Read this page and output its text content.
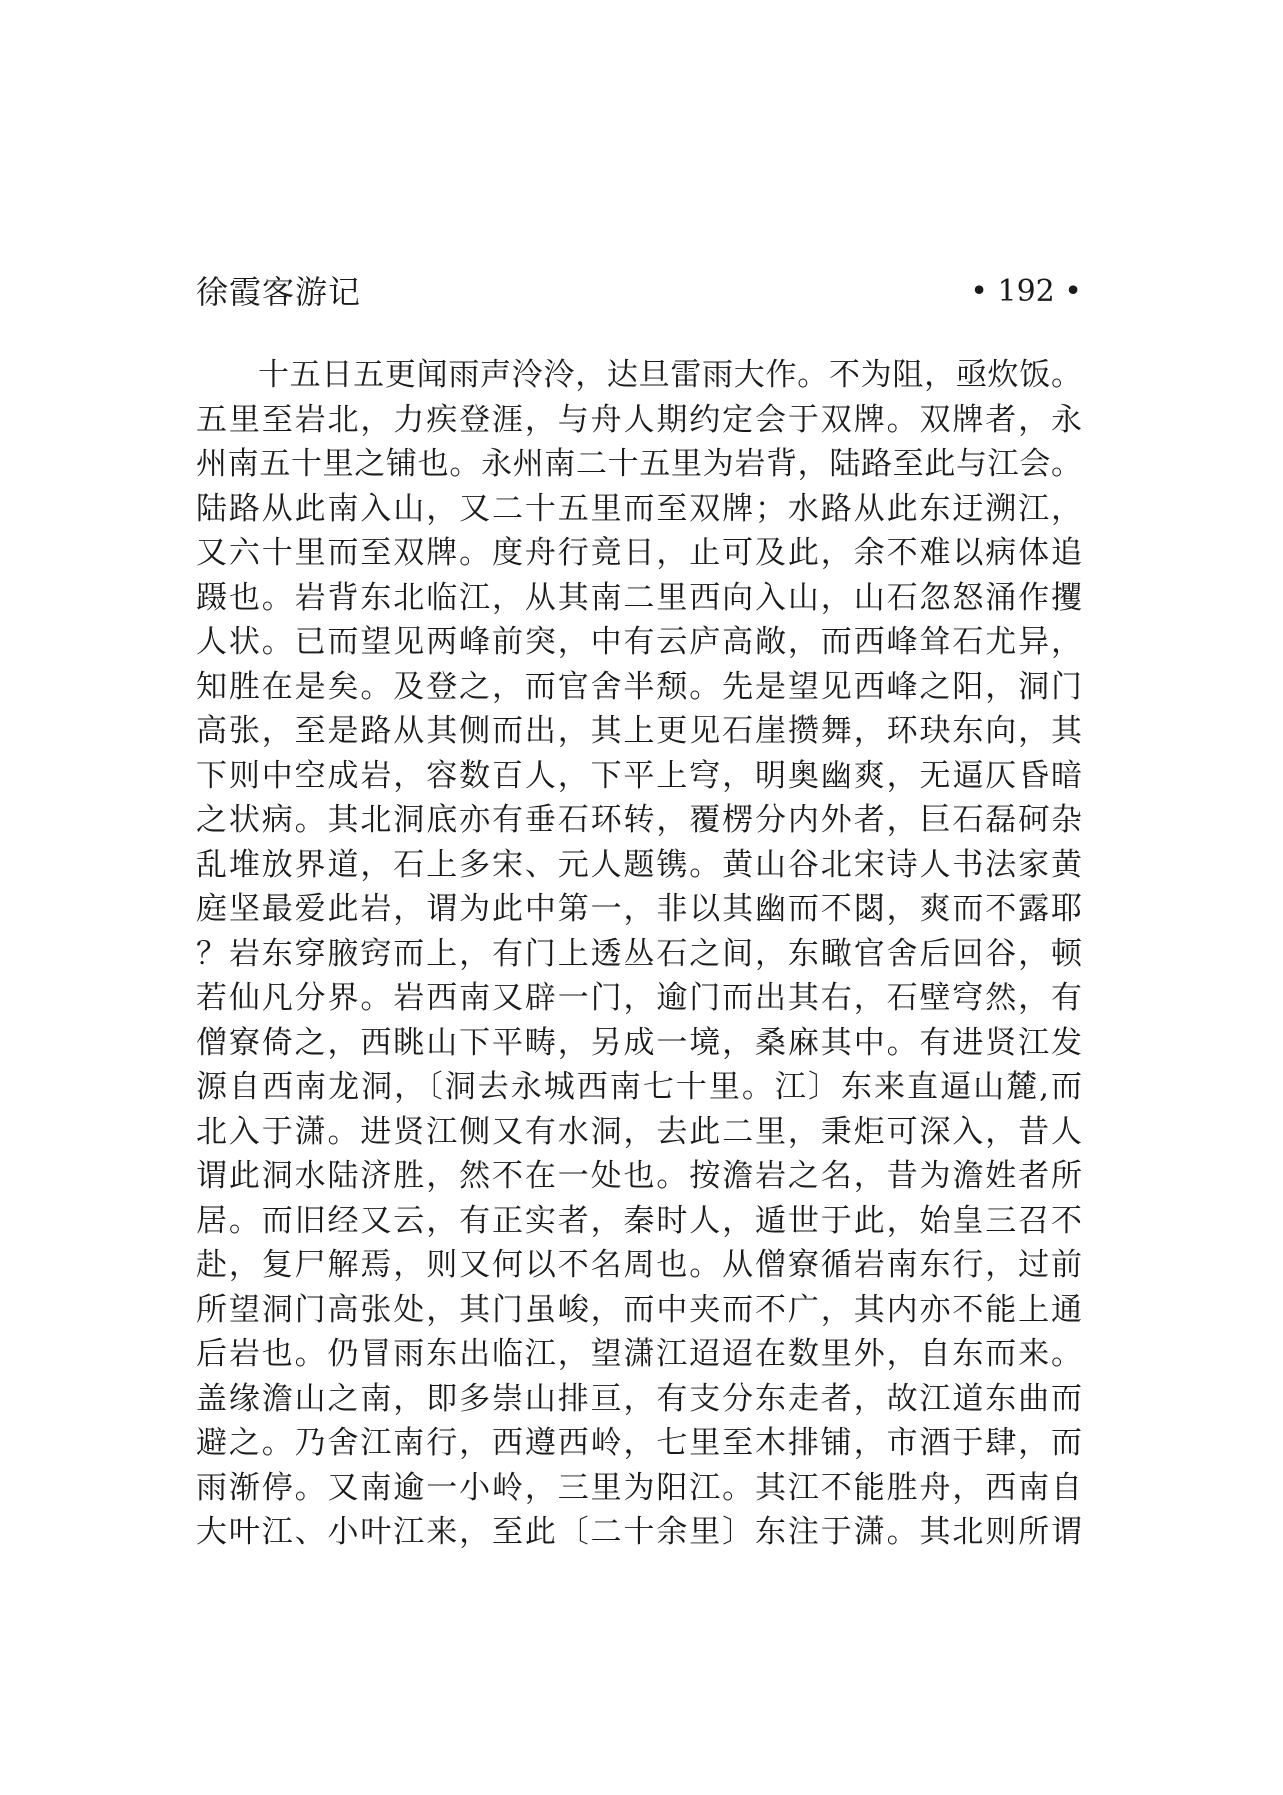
徐霞客游记	• 192 •
十五日五更闻雨声泠泠，达旦雷雨大作。不为阻，亟炊饭。
五里至岩北，力疾登涯，与舟人期约定会于双牌。双牌者，永
州南五十里之铺也。永州南二十五里为岩背，陆路至此与江会。
陆路从此南入山，又二十五里而至双牌；水路从此东迂溯江，
又六十里而至双牌。度舟行竟日，止可及此，余不难以病体追
蹑也。岩背东北临江，从其南二里西向入山，山石忽怒涌作攫
人状。已而望见两峰前突，中有云庐高敞，而西峰耸石尤异，
知胜在是矣。及登之，而官舍半颓。先是望见西峰之阳，洞门
高张，至是路从其侧而出，其上更见石崖攒舞，环玦东向，其
下则中空成岩，容数百人，下平上穹，明奥幽爽，无逼仄昏暗
之状病。其北洞底亦有垂石环转，覆楞分内外者，巨石磊砢杂
乱堆放界道，石上多宋、元人题镌。黄山谷北宋诗人书法家黄
庭坚最爱此岩，谓为此中第一，非以其幽而不閟，爽而不露耶
？岩东穿腋窍而上，有门上透丛石之间，东瞰官舍后回谷，顿
若仙凡分界。岩西南又辟一门，逾门而出其右，石壁穹然，有
僧寮倚之，西眺山下平畴，另成一境，桑麻其中。有进贤江发
源自西南龙洞，〔洞去永城西南七十里。江〕东来直逼山麓,而
北入于潇。进贤江侧又有水洞，去此二里，秉炬可深入，昔人
谓此洞水陆济胜，然不在一处也。按澹岩之名，昔为澹姓者所
居。而旧经又云，有正实者，秦时人，遁世于此，始皇三召不
赴，复尸解焉，则又何以不名周也。从僧寮循岩南东行，过前
所望洞门高张处，其门虽峻，而中夹而不广，其内亦不能上通
后岩也。仍冒雨东出临江，望潇江迢迢在数里外，自东而来。
盖缘澹山之南，即多崇山排亘，有支分东走者，故江道东曲而
避之。乃舍江南行，西遵西岭，七里至木排铺，市酒于肆，而
雨渐停。又南逾一小岭，三里为阳江。其江不能胜舟，西南自
大叶江、小叶江来，至此〔二十余里〕东注于潇。其北则所谓
